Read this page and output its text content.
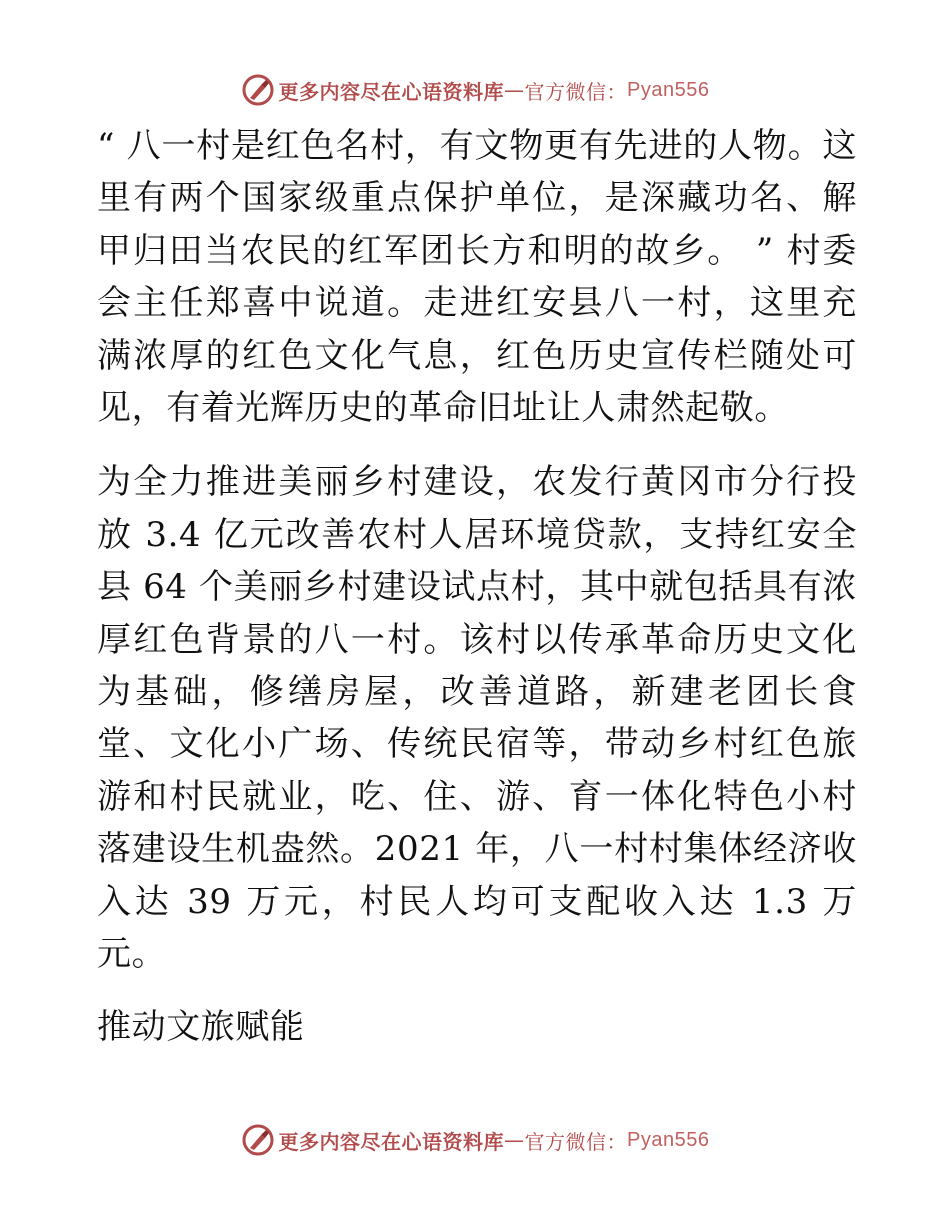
更多内容尽在心语资料库 — 官方微信： Pyan556

“ 八一村是红色名村，有文物更有先进的人物。这里有两个国家级重点保护单位，是深藏功名、解甲归田当农民的红军团长方和明的故乡。 ” 村委会主任郑喜中说道。走进红安县八一村，这里充满浓厚的红色文化气息，红色历史宣传栏随处可见，有着光辉历史的革命旧址让人肃然起敬。

为全力推进美丽乡村建设，农发行黄冈市分行投放 3.4 亿元改善农村人居环境贷款，支持红安全县 64 个美丽乡村建设试点村，其中就包括具有浓厚红色背景的八一村。该村以传承革命历史文化为基础，修缮房屋，改善道路，新建老团长食堂、文化小广场、传统民宿等，带动乡村红色旅游和村民就业，吃、住、游、育一体化特色小村落建设生机盎然。2021 年，八一村村集体经济收入达 39 万元，村民人均可支配收入达 1.3 万元。

推动文旅赋能

更多内容尽在心语资料库 — 官方微信： Pyan556
